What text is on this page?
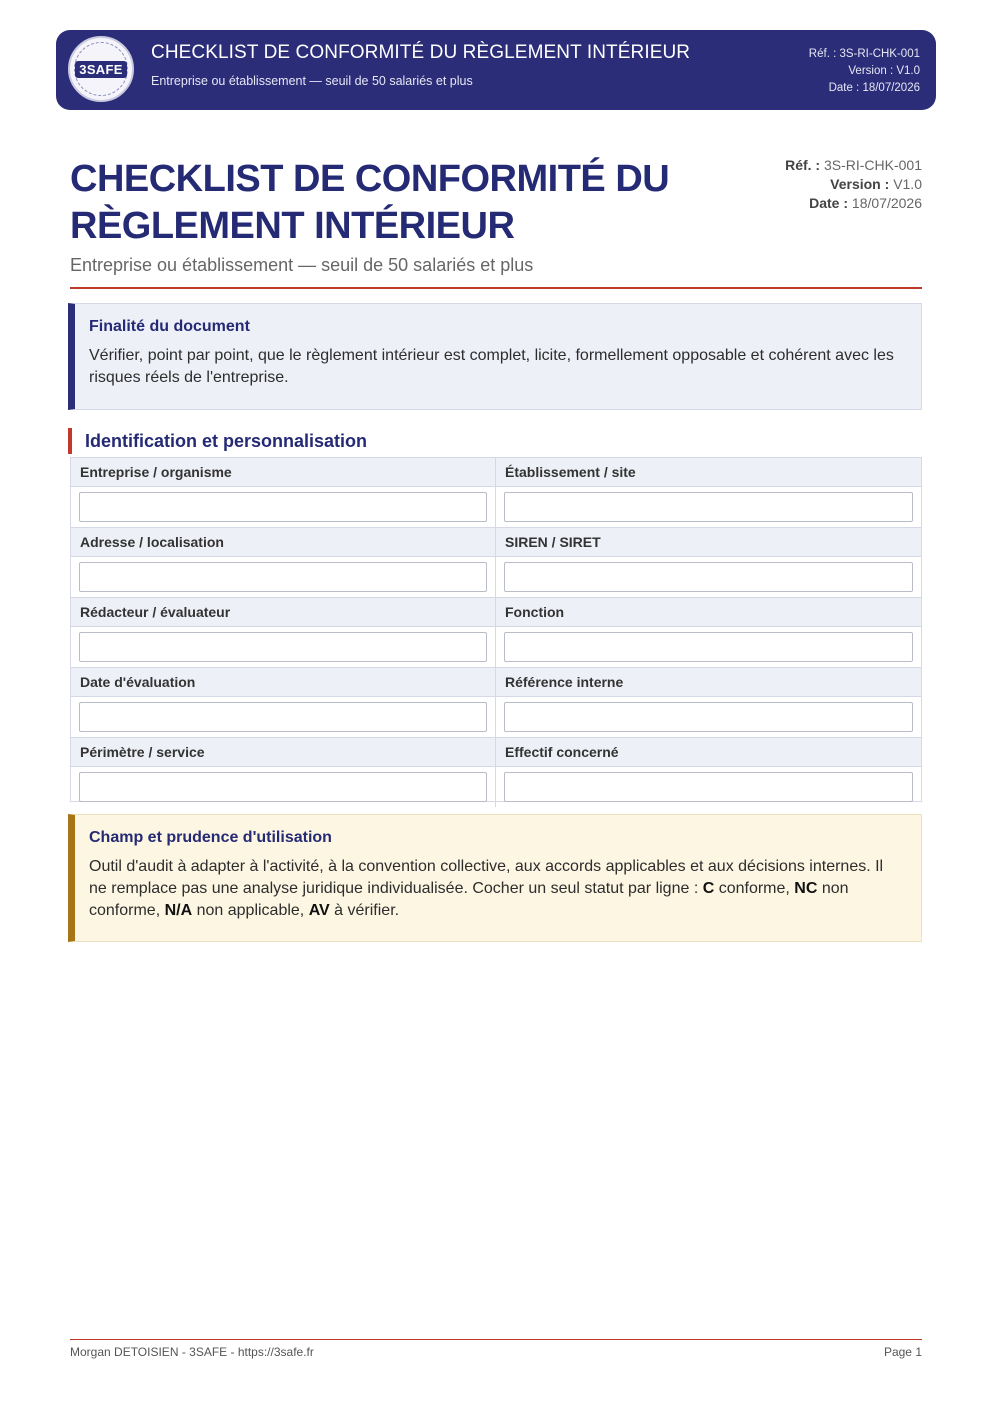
3SAFE
CHECKLIST DE CONFORMITÉ DU RÈGLEMENT INTÉRIEUR
Entreprise ou établissement — seuil de 50 salariés et plus
Réf. : 3S-RI-CHK-001
Version : V1.0
Date : 18/07/2026
CHECKLIST DE CONFORMITÉ DU RÈGLEMENT INTÉRIEUR
Réf. : 3S-RI-CHK-001
Version : V1.0
Date : 18/07/2026
Entreprise ou établissement — seuil de 50 salariés et plus
Finalité du document
Vérifier, point par point, que le règlement intérieur est complet, licite, formellement opposable et cohérent avec les risques réels de l'entreprise.
Identification et personnalisation
Entreprise / organisme	Établissement / site
Adresse / localisation	SIREN / SIRET
Rédacteur / évaluateur	Fonction
Date d'évaluation	Référence interne
Périmètre / service	Effectif concerné
Champ et prudence d'utilisation
Outil d'audit à adapter à l'activité, à la convention collective, aux accords applicables et aux décisions internes. Il ne remplace pas une analyse juridique individualisée. Cocher un seul statut par ligne : C conforme, NC non conforme, N/A non applicable, AV à vérifier.
Morgan DETOISIEN - 3SAFE - https://3safe.fr	Page 1
